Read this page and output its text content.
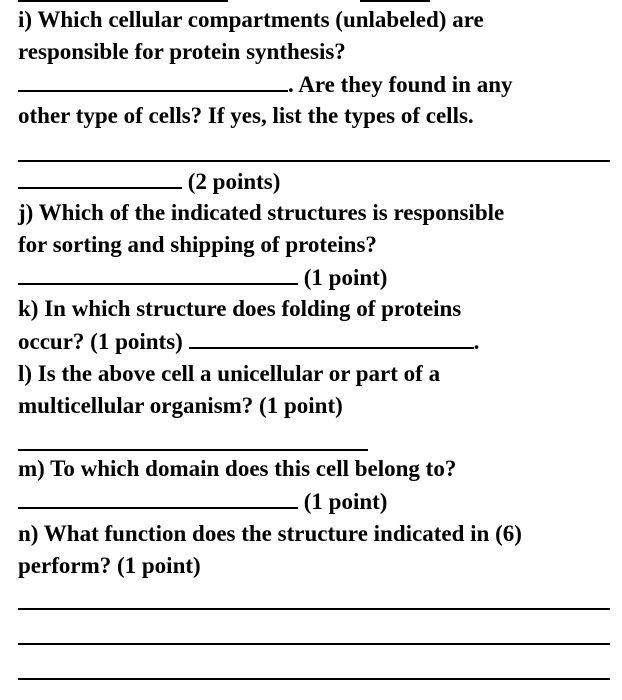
i) Which cellular compartments (unlabeled) are
responsible for protein synthesis?
. Are they found in any
other type of cells? If yes, list the types of cells.
(2 points)
j) Which of the indicated structures is responsible
for sorting and shipping of proteins?
(1 point)
k) In which structure does folding of proteins
occur? (1 points)	.
l) Is the above cell a unicellular or part of a
multicellular organism? (1 point)
m) To which domain does this cell belong to?
(1 point)
n) What function does the structure indicated in (6)
perform? (1 point)
